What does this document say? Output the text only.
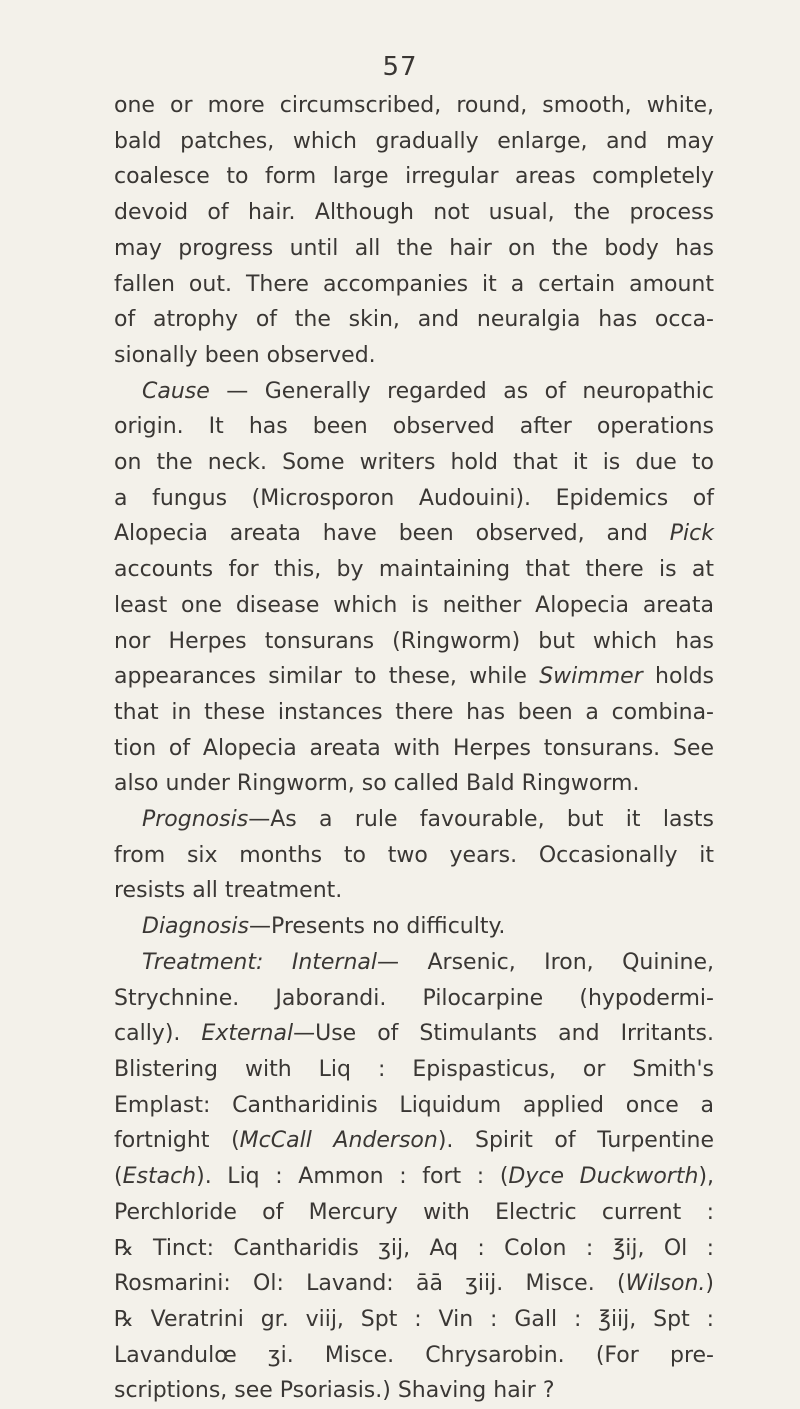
57
one or more circumscribed, round, smooth, white,
bald patches, which gradually enlarge, and may
coalesce to form large irregular areas completely
devoid of hair. Although not usual, the process
may progress until all the hair on the body has
fallen out. There accompanies it a certain amount
of atrophy of the skin, and neuralgia has occa-
sionally been observed.
Cause — Generally regarded as of neuropathic
origin. It has been observed after operations
on the neck. Some writers hold that it is due to
a fungus (Microsporon Audouini). Epidemics of
Alopecia areata have been observed, and Pick
accounts for this, by maintaining that there is at
least one disease which is neither Alopecia areata
nor Herpes tonsurans (Ringworm) but which has
appearances similar to these, while Swimmer holds
that in these instances there has been a combina-
tion of Alopecia areata with Herpes tonsurans. See
also under Ringworm, so called Bald Ringworm.
Prognosis—As a rule favourable, but it lasts
from six months to two years. Occasionally it
resists all treatment.
Diagnosis—Presents no difficulty.
Treatment: Internal— Arsenic, Iron, Quinine,
Strychnine. Jaborandi. Pilocarpine (hypodermi-
cally). External—Use of Stimulants and Irritants.
Blistering with Liq : Epispasticus, or Smith's
Emplast: Cantharidinis Liquidum applied once a
fortnight (McCall Anderson). Spirit of Turpentine
(Estach). Liq : Ammon : fort : (Dyce Duckworth),
Perchloride of Mercury with Electric current :
℞ Tinct: Cantharidis ʒij, Aq : Colon : ℥ij, Ol :
Rosmarini: Ol: Lavand: āā ʒiij. Misce. (Wilson.)
℞ Veratrini gr. viij, Spt : Vin : Gall : ℥iij, Spt :
Lavandulœ ʒi. Misce. Chrysarobin. (For pre-
scriptions, see Psoriasis.) Shaving hair ?
